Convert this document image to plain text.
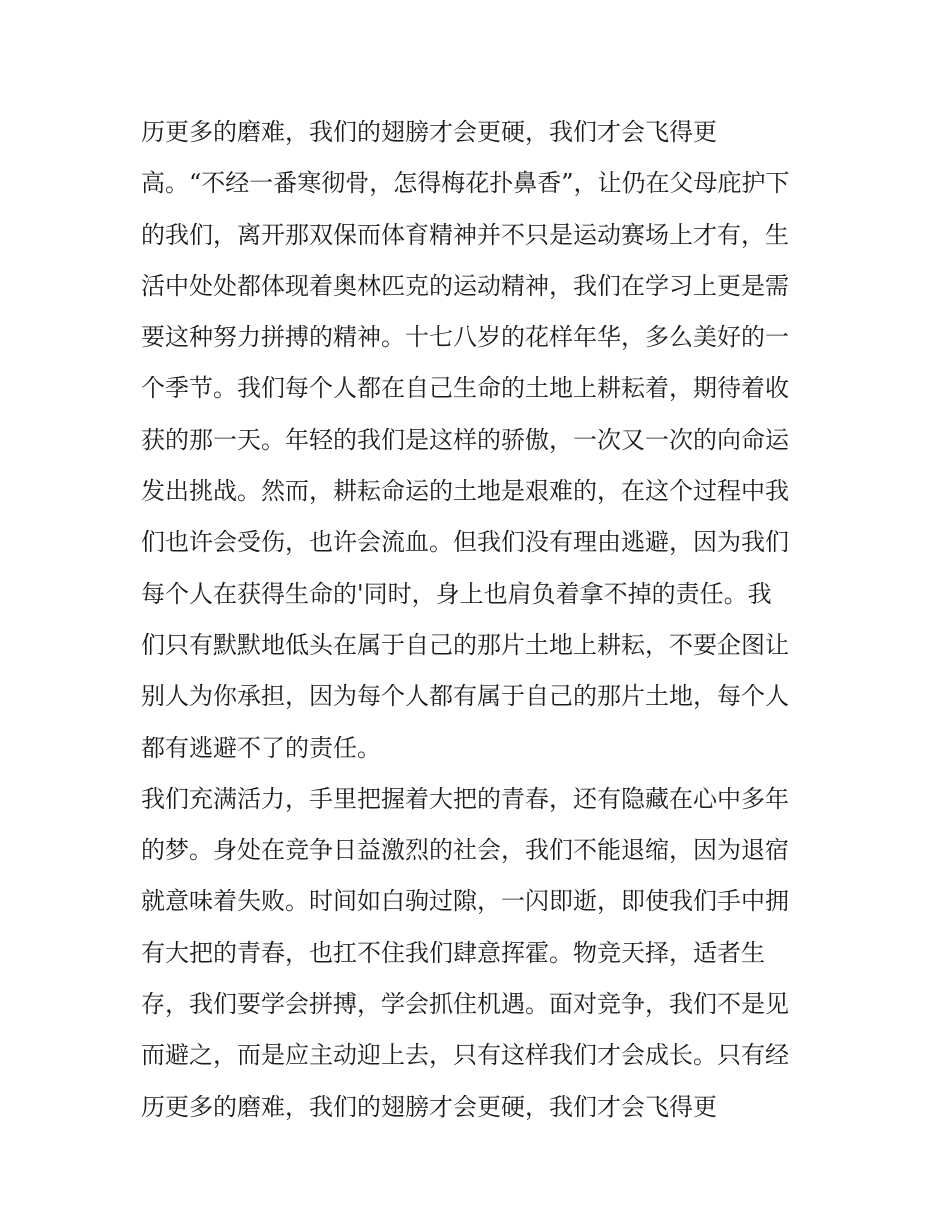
历更多的磨难，我们的翅膀才会更硬，我们才会飞得更
高。“不经一番寒彻骨，怎得梅花扑鼻香”，让仍在父母庇护下
的我们，离开那双保而体育精神并不只是运动赛场上才有，生
活中处处都体现着奥林匹克的运动精神，我们在学习上更是需
要这种努力拼搏的精神。十七八岁的花样年华，多么美好的一
个季节。我们每个人都在自己生命的土地上耕耘着，期待着收
获的那一天。年轻的我们是这样的骄傲，一次又一次的向命运
发出挑战。然而，耕耘命运的土地是艰难的，在这个过程中我
们也许会受伤，也许会流血。但我们没有理由逃避，因为我们
每个人在获得生命的'同时，身上也肩负着拿不掉的责任。我
们只有默默地低头在属于自己的那片土地上耕耘，不要企图让
别人为你承担，因为每个人都有属于自己的那片土地，每个人
都有逃避不了的责任。
我们充满活力，手里把握着大把的青春，还有隐藏在心中多年
的梦。身处在竞争日益激烈的社会，我们不能退缩，因为退宿
就意味着失败。时间如白驹过隙，一闪即逝，即使我们手中拥
有大把的青春，也扛不住我们肆意挥霍。物竞天择，适者生
存，我们要学会拼搏，学会抓住机遇。面对竞争，我们不是见
而避之，而是应主动迎上去，只有这样我们才会成长。只有经
历更多的磨难，我们的翅膀才会更硬，我们才会飞得更
